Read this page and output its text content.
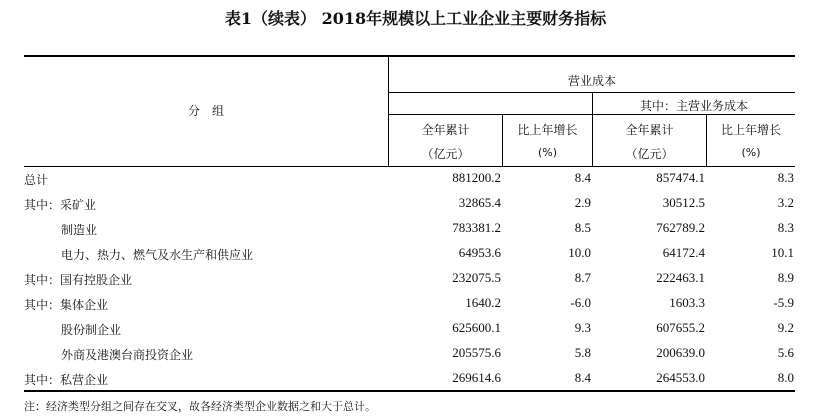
表1（续表） 2018年规模以上工业企业主要财务指标
分　组
营业成本
其中：主营业务成本
全年累计	比上年增长	全年累计	比上年增长
（亿元）	(%)	（亿元）	(%)
总计	881200.2	8.4	857474.1	8.3
其中：采矿业	32865.4	2.9	30512.5	3.2
制造业	783381.2	8.5	762789.2	8.3
电力、热力、燃气及水生产和供应业	64953.6	10.0	64172.4	10.1
其中：国有控股企业	232075.5	8.7	222463.1	8.9
其中：集体企业	1640.2	-6.0	1603.3	-5.9
股份制企业	625600.1	9.3	607655.2	9.2
外商及港澳台商投资企业	205575.6	5.8	200639.0	5.6
其中：私营企业	269614.6	8.4	264553.0	8.0
注：经济类型分组之间存在交叉，故各经济类型企业数据之和大于总计。
